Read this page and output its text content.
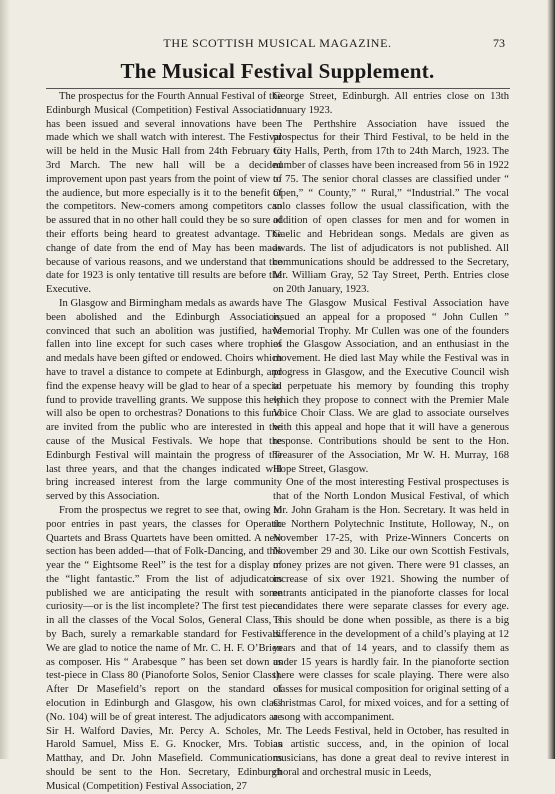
THE SCOTTISH MUSICAL MAGAZINE.	73
The Musical Festival Supplement.

The prospectus for the Fourth Annual Festival of the Edinburgh Musical (Competition) Festival Association has been issued and several innovations have been made which we shall watch with interest. The Festival will be held in the Music Hall from 24th February to 3rd March. The new hall will be a decided improvement upon past years from the point of view of the audience, but more especially is it to the benefit of the competitors. New-comers among competitors can be assured that in no other hall could they be so sure of their efforts being heard to greatest advantage. The change of date from the end of May has been made because of various reasons, and we understand that the date for 1923 is only tentative till results are before the Executive.

In Glasgow and Birmingham medals as awards have been abolished and the Edinburgh Association, convinced that such an abolition was justified, have fallen into line except for such cases where trophies and medals have been gifted or endowed. Choirs which have to travel a distance to compete at Edinburgh, and find the expense heavy will be glad to hear of a special fund to provide travelling grants. We suppose this help will also be open to orchestras? Donations to this fund are invited from the public who are interested in the cause of the Musical Festivals. We hope that the Edinburgh Festival will maintain the progress of the last three years, and that the changes indicated will bring increased interest from the large community served by this Association.

From the prospectus we regret to see that, owing to poor entries in past years, the classes for Operatic Quartets and Brass Quartets have been omitted. A new section has been added—that of Folk-Dancing, and this year the “ Eightsome Reel” is the test for a display of the “light fantastic.” From the list of adjudicators published we are anticipating the result with some curiosity—or is the list incomplete? The first test piece in all the classes of the Vocal Solos, General Class, is by Bach, surely a remarkable standard for Festivals. We are glad to notice the name of Mr. C. H. F. O’Brien as composer. His “ Arabesque ” has been set down as test-piece in Class 80 (Pianoforte Solos, Senior Class). After Dr Masefield’s report on the standard of elocution in Edinburgh and Glasgow, his own class (No. 104) will be of great interest. The adjudicators are Sir H. Walford Davies, Mr. Percy A. Scholes, Mr. Harold Samuel, Miss E. G. Knocker, Mrs. Tobias Matthay, and Dr. John Masefield. Communications should be sent to the Hon. Secretary, Edinburgh Musical (Competition) Festival Association, 27

George Street, Edinburgh. All entries close on 13th January 1923.

The Perthshire Association have issued the prospectus for their Third Festival, to be held in the City Halls, Perth, from 17th to 24th March, 1923. The number of classes have been increased from 56 in 1922 to 75. The senior choral classes are classified under “ Open,” “ County,” “ Rural,” “Industrial.” The vocal solo classes follow the usual classification, with the addition of open classes for men and for women in Gaelic and Hebridean songs. Medals are given as awards. The list of adjudicators is not published. All communications should be addressed to the Secretary, Mr. William Gray, 52 Tay Street, Perth. Entries close on 20th January, 1923.

The Glasgow Musical Festival Association have issued an appeal for a proposed “ John Cullen ” Memorial Trophy. Mr Cullen was one of the founders of the Glasgow Association, and an enthusiast in the movement. He died last May while the Festival was in progress in Glasgow, and the Executive Council wish to perpetuate his memory by founding this trophy which they propose to connect with the Premier Male Voice Choir Class. We are glad to associate ourselves with this appeal and hope that it will have a generous response. Contributions should be sent to the Hon. Treasurer of the Association, Mr W. H. Murray, 168 Hope Street, Glasgow.

One of the most interesting Festival prospectuses is that of the North London Musical Festival, of which Mr. John Graham is the Hon. Secretary. It was held in the Northern Polytechnic Institute, Holloway, N., on November 17-25, with Prize-Winners Concerts on November 29 and 30. Like our own Scottish Festivals, money prizes are not given. There were 91 classes, an increase of six over 1921. Showing the number of entrants anticipated in the pianoforte classes for local candidates there were separate classes for every age. This should be done when possible, as there is a big difference in the development of a child’s playing at 12 years and that of 14 years, and to classify them as under 15 years is hardly fair. In the pianoforte section there were classes for scale playing. There were also classes for musical composition for original setting of a Christmas Carol, for mixed voices, and for a setting of a song with accompaniment.

The Leeds Festival, held in October, has resulted in an artistic success, and, in the opinion of local musicians, has done a great deal to revive interest in choral and orchestral music in Leeds,
